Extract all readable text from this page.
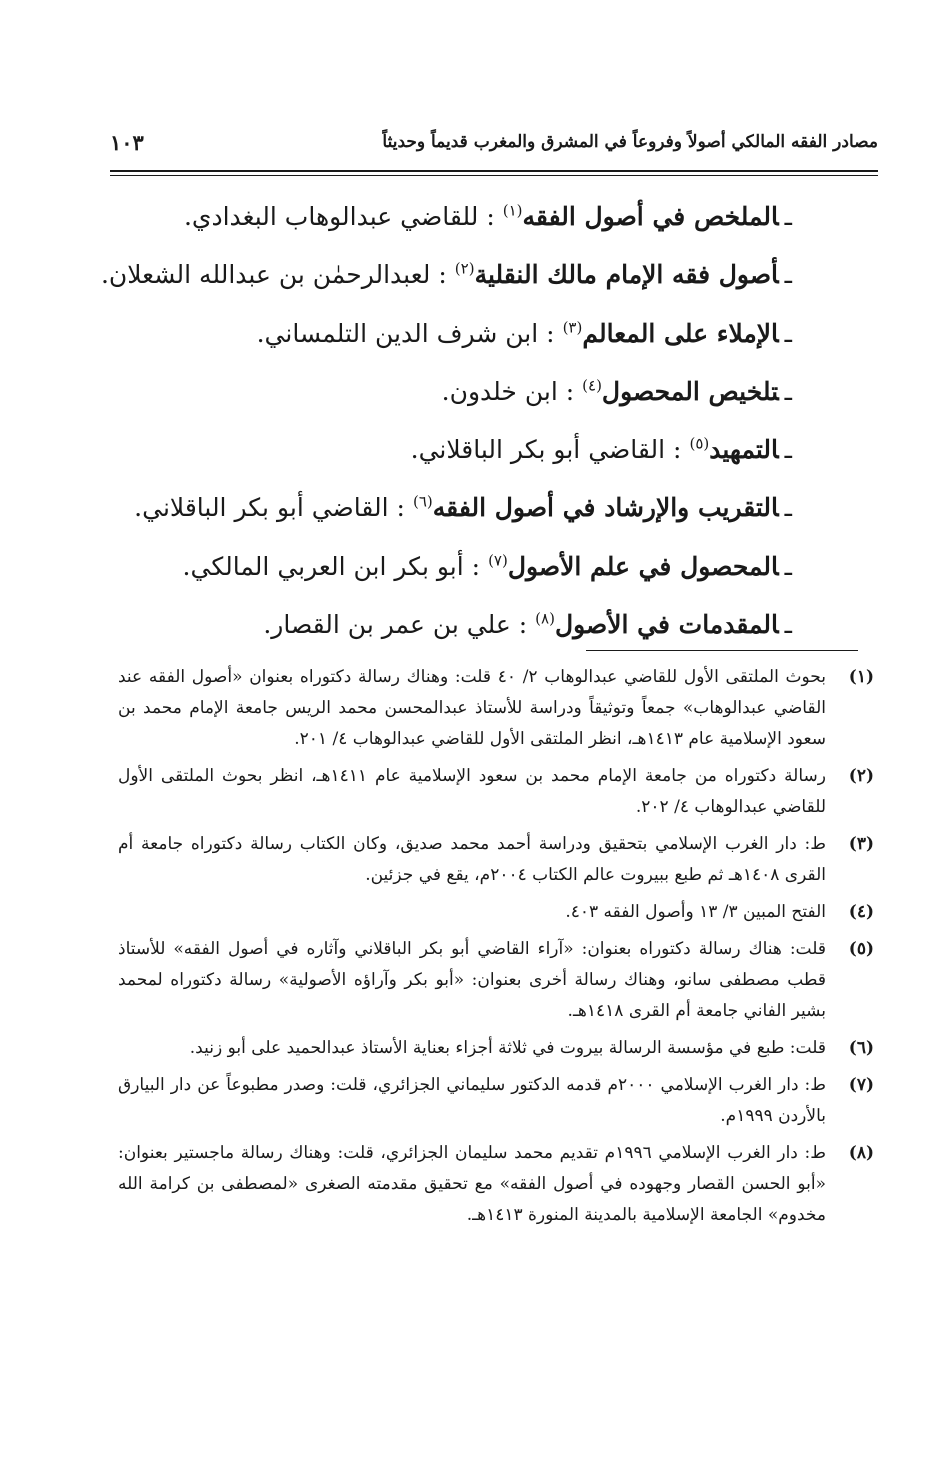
مصادر الفقه المالكي أصولاً وفروعاً في المشرق والمغرب قديماً وحديثاً
١٠٣
ـالملخص في أصول الفقه$^{(١)}$: للقاضي عبدالوهاب البغدادي.
ـأصول فقه الإمام مالك النقلية$^{(٢)}$: لعبدالرحمٰن بن عبدالله الشعلان.
ـالإملاء على المعالم$^{(٣)}$: ابن شرف الدين التلمساني.
ـتلخيص المحصول$^{(٤)}$: ابن خلدون.
ـالتمهيد$^{(٥)}$: القاضي أبو بكر الباقلاني.
ـالتقريب والإرشاد في أصول الفقه$^{(٦)}$: القاضي أبو بكر الباقلاني.
ـالمحصول في علم الأصول$^{(٧)}$: أبو بكر ابن العربي المالكي.
ـالمقدمات في الأصول$^{(٨)}$: علي بن عمر بن القصار.
(١)
بحوث الملتقى الأول للقاضي عبدالوهاب ٢/ ٤٠ قلت: وهناك رسالة دكتوراه بعنوان «أصول الفقه عند القاضي عبدالوهاب» جمعاً وتوثيقاً ودراسة للأستاذ عبدالمحسن محمد الريس جامعة الإمام محمد بن سعود الإسلامية عام ١٤١٣هـ، انظر الملتقى الأول للقاضي عبدالوهاب ٤/ ٢٠١.
(٢)
رسالة دكتوراه من جامعة الإمام محمد بن سعود الإسلامية عام ١٤١١هـ، انظر بحوث الملتقى الأول للقاضي عبدالوهاب ٤/ ٢٠٢.
(٣)
ط: دار الغرب الإسلامي بتحقيق ودراسة أحمد محمد صديق، وكان الكتاب رسالة دكتوراه جامعة أم القرى ١٤٠٨هـ ثم طبع ببيروت عالم الكتاب ٢٠٠٤م، يقع في جزئين.
(٤)
الفتح المبين ٣/ ١٣ وأصول الفقه ٤٠٣.
(٥)
قلت: هناك رسالة دكتوراه بعنوان: «آراء القاضي أبو بكر الباقلاني وآثاره في أصول الفقه» للأستاذ قطب مصطفى سانو، وهناك رسالة أخرى بعنوان: «أبو بكر وآراؤه الأصولية» رسالة دكتوراه لمحمد بشير الفاني جامعة أم القرى ١٤١٨هـ.
(٦)
قلت: طبع في مؤسسة الرسالة بيروت في ثلاثة أجزاء بعناية الأستاذ عبدالحميد على أبو زنيد.
(٧)
ط: دار الغرب الإسلامي ٢٠٠٠م قدمه الدكتور سليماني الجزائري، قلت: وصدر مطبوعاً عن دار البيارق بالأردن ١٩٩٩م.
(٨)
ط: دار الغرب الإسلامي ١٩٩٦م تقديم محمد سليمان الجزائري، قلت: وهناك رسالة ماجستير بعنوان: «أبو الحسن القصار وجهوده في أصول الفقه» مع تحقيق مقدمته الصغرى «لمصطفى بن كرامة الله مخدوم» الجامعة الإسلامية بالمدينة المنورة ١٤١٣هـ.
